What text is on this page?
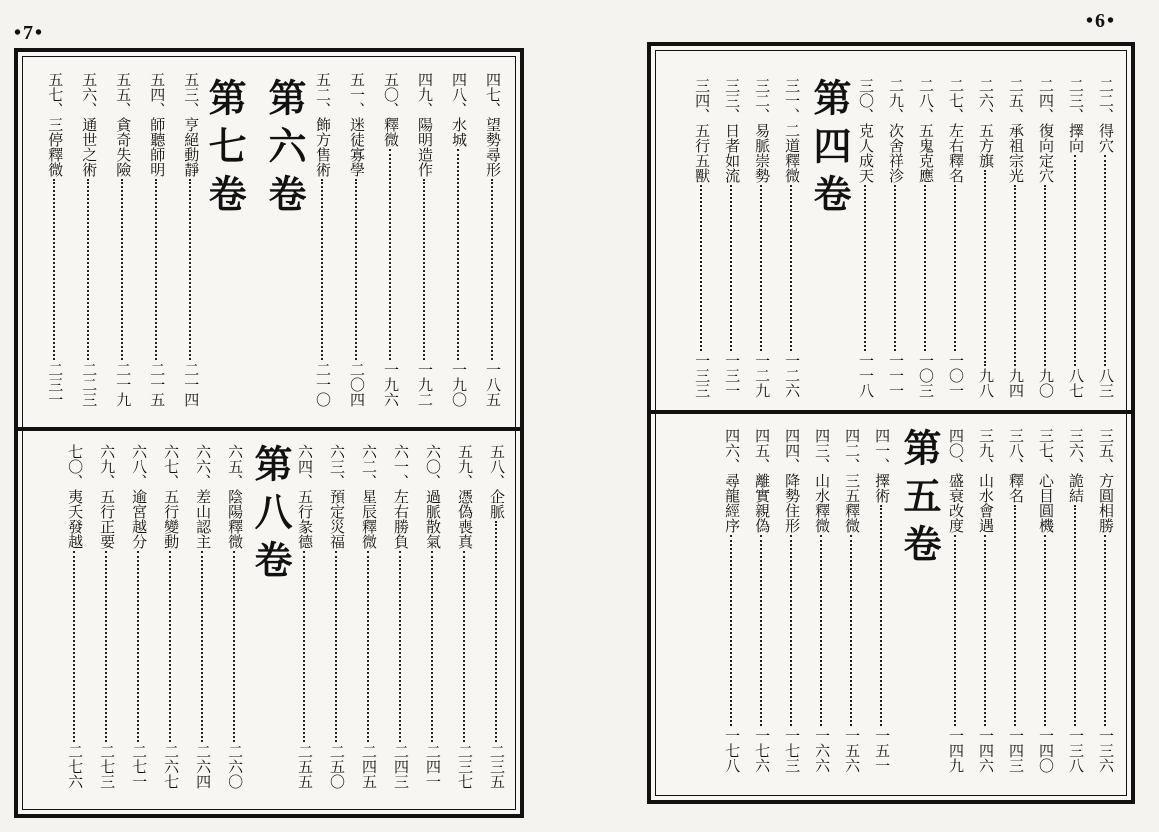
•7•
•6•
四七
、
望勢尋形
一八五
四八
、
水城
一九〇
四九
、
陽明造作
一九二
五〇
、
釋微
一九六
五一
、
迷徒寡學
二〇四
五二
、
飾方售術
二一〇
第六卷
第七卷
五三
、
亨絕動靜
二一四
五四
、
師聽師明
二一五
五五
、
貪奇失險
二一九
五六
、
通世之術
二二三
五七
、
三停釋微
二三一
五八
、
企脈
二三五
五九
、
憑偽喪真
二三七
六〇
、
過脈散氣
二四一
六一
、
左右勝負
二四三
六二
、
星辰釋微
二四五
六三
、
預定災福
二五〇
六四
、
五行彖德
二五五
第八卷
六五
、
陰陽釋微
二六〇
六六
、
差山認主
二六四
六七
、
五行變動
二六七
六八
、
逾宮越分
二七一
六九
、
五行正要
二七三
七〇
、
夷夭發越
二七六
二二
、
得穴
八三
二三
、
擇向
八七
二四
、
復向定穴
九〇
二五
、
承祖宗光
九四
二六
、
五方旗
九八
二七
、
左右釋名
一〇一
二八
、
五鬼克應
一〇三
二九
、
次舍祥沴
一一一
三〇
、
克人成天
一一八
第四卷
三一
、
二道釋微
一二六
三二
、
易脈崇勢
一二九
三三
、
日者如流
一三一
三四
、
五行五獸
一三三
三五
、
方圓相勝
一三六
三六
、
詭結
一三八
三七
、
心目圓機
一四〇
三八
、
釋名
一四三
三九
、
山水會遇
一四六
四〇
、
盛衰改度
一四九
第五卷
四一
、
擇術
一五一
四二
、
三五釋微
一五六
四三
、
山水釋微
一六六
四四
、
降勢住形
一七三
四五
、
離實親偽
一七六
四六
、
尋龍經序
一七八
